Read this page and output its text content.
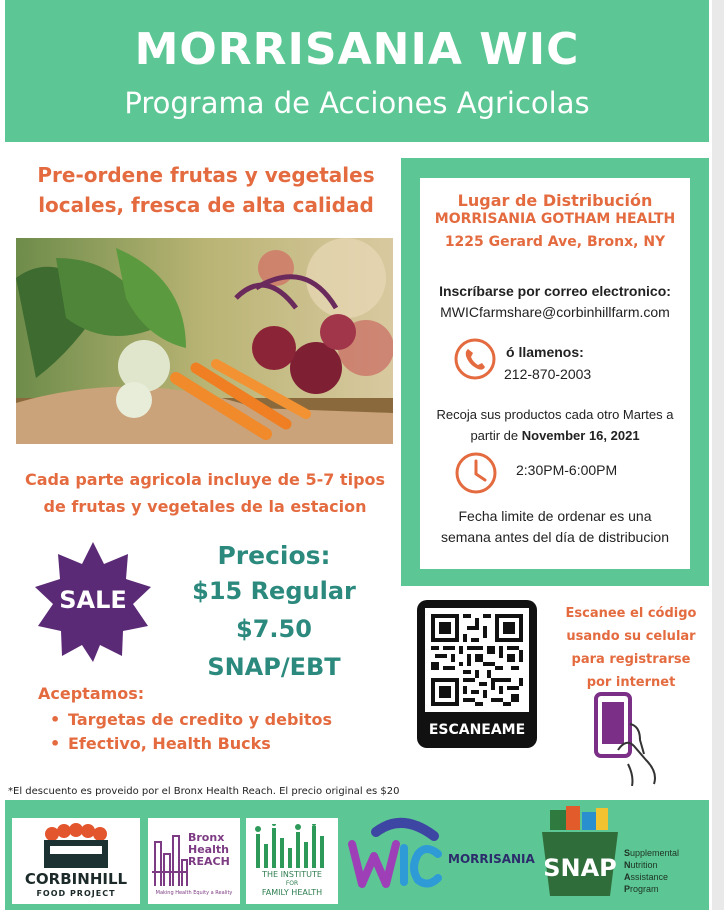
MORRISANIA WIC
Programa de Acciones Agricolas
Pre-ordene frutas y vegetales
locales, fresca de alta calidad
Cada parte agricola incluye de 5-7 tipos
de frutas y vegetales de la estacion
SALE
Precios:
$15 Regular
$7.50 SNAP/EBT
Aceptamos:
• Targetas de credito y debitos
• Efectivo, Health Bucks
*El descuento es proveido por el Bronx Health Reach. El precio original es $20
Lugar de Distribución
MORRISANIA GOTHAM HEALTH
1225 Gerard Ave, Bronx, NY
Inscríbarse por correo electronico:
MWICfarmshare@corbinhillfarm.com
ó llamenos:
212-870-2003
Recoja sus productos cada otro Martes a
partir de November 16, 2021
2:30PM-6:00PM
Fecha limite de ordenar es una
semana antes del día de distribucion
ESCANEAME
Escanee el código
usando su celular
para registrarse
por internet
CORBINHILL
FOOD PROJECT
Bronx
Health
REACH
Making Health Equity a Reality
THE INSTITUTE
FOR
FAMILY HEALTH
MORRISANIA SNAP
Supplemental
Nutrition
Assistance
Program
